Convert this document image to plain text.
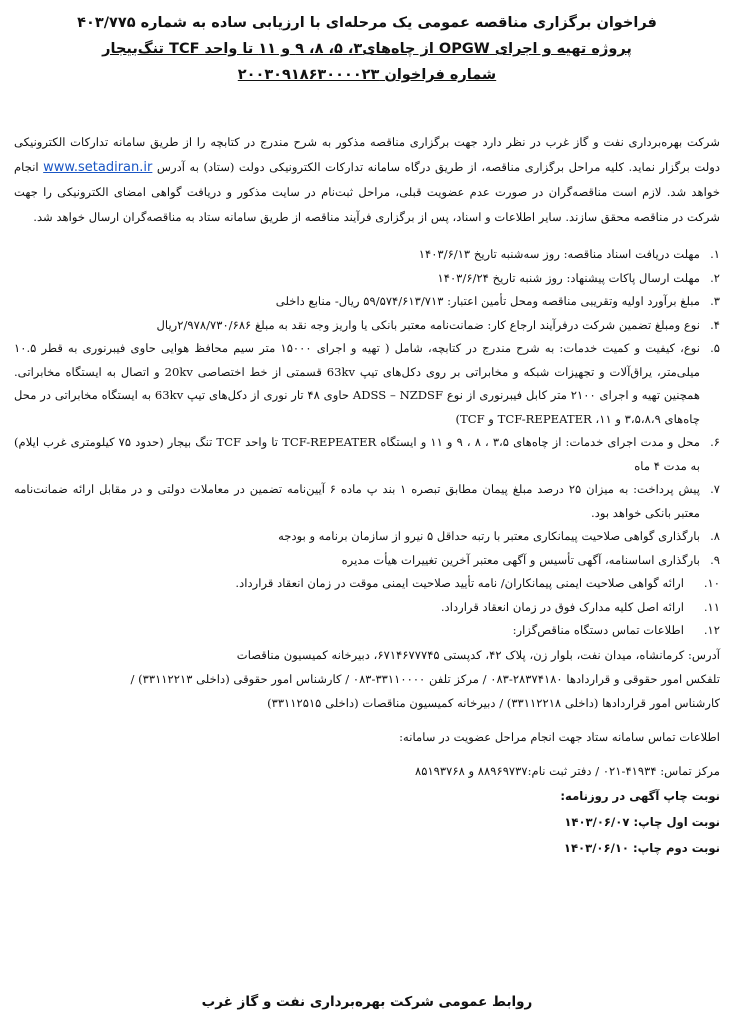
فراخوان برگزاری مناقصه عمومی یک مرحله‌ای با ارزیابی ساده به شماره ۴۰۳/۷۷۵
پروژه تهیه و اجرای OPGW از چاه‌های۳، ۵، ۸، ۹ و ۱۱ تا واحد TCF تنگ‌بیجار
شماره فراخوان ۲۰۰۳۰۹۱۸۶۳۰۰۰۰۲۳

شرکت بهره‌برداری نفت و گاز غرب در نظر دارد جهت برگزاری مناقصه مذکور به شرح مندرج در کتابچه را از طریق سامانه تدارکات الکترونیکی دولت برگزار نماید. کلیه مراحل برگزاری مناقصه، از طریق درگاه سامانه تدارکات الکترونیکی دولت (ستاد) به آدرس www.setadiran.ir انجام خواهد شد. لازم است مناقصه‌گران در صورت عدم عضویت قبلی، مراحل ثبت‌نام در سایت مذکور و دریافت گواهی امضای الکترونیکی را جهت شرکت در مناقصه محقق سازند. سایر اطلاعات و اسناد، پس از برگزاری فرآیند مناقصه از طریق سامانه ستاد به مناقصه‌گران ارسال خواهد شد.

۱.مهلت دریافت اسناد مناقصه: روز سه‌شنبه تاریخ ۱۴۰۳/۶/۱۳
۲.مهلت ارسال پاکات پیشنهاد: روز شنبه تاریخ ۱۴۰۳/۶/۲۴
۳.مبلغ برآورد اولیه وتقریبی مناقصه ومحل تأمین اعتبار: ۵۹/۵۷۴/۶۱۳/۷۱۳ ریال- منابع داخلی
۴.نوع ومبلغ تضمین شرکت درفرآیند ارجاع کار: ضمانت‌نامه معتبر بانکی یا واریز وجه نقد به مبلغ ۲/۹۷۸/۷۳۰/۶۸۶ریال
۵.نوع، کیفیت و کمیت خدمات: به شرح مندرج در کتابچه، شامل ( تهیه و اجرای ۱۵۰۰۰ متر سیم محافظ هوایی حاوی فیبرنوری به قطر ۱۰.۵ میلی‌متر، یراق‌آلات و تجهیزات شبکه و مخابراتی بر روی دکل‌های تیپ 63kv قسمتی از خط اختصاصی 20kv و اتصال به ایستگاه مخابراتی. همچنین تهیه و اجرای ۲۱۰۰ متر کابل فیبرنوری از نوع ADSS – NZDSF حاوی ۴۸ تار نوری از دکل‌های تیپ 63kv به ایستگاه مخابراتی در محل چاه‌های ۳،۵،۸،۹ و ۱۱، TCF-REPEATER و TCF)
۶.محل و مدت اجرای خدمات: از چاه‌های ۳،۵ ، ۸ ، ۹ و ۱۱ و ایستگاه TCF-REPEATER تا واحد TCF تنگ بیجار (حدود ۷۵ کیلومتری غرب ایلام) به مدت ۴ ماه
۷.پیش پرداخت: به میزان ۲۵ درصد مبلغ پیمان مطابق تبصره ۱ بند پ ماده ۶ آیین‌نامه تضمین در معاملات دولتی و در مقابل ارائه ضمانت‌نامه معتبر بانکی خواهد بود.
۸.بارگذاری گواهی صلاحیت پیمانکاری معتبر با رتبه حداقل ۵ نیرو از سازمان برنامه و بودجه
۹.بارگذاری اساسنامه، آگهی تأسیس و آگهی معتبر آخرین تغییرات هیأت مدیره
۱۰.ارائه گواهی صلاحیت ایمنی پیمانکاران/ نامه تأیید صلاحیت ایمنی موقت در زمان انعقاد قرارداد.
۱۱.ارائه اصل کلیه مدارک فوق در زمان انعقاد قرارداد.
۱۲.اطلاعات تماس دستگاه مناقص‌گزار:
آدرس: کرمانشاه، میدان نفت، بلوار زن، پلاک ۴۲، کدپستی ۶۷۱۴۶۷۷۷۴۵، دبیرخانه کمیسیون مناقصات
تلفکس امور حقوقی و قراردادها ۲۸۳۷۴۱۸۰-۰۸۳ / مرکز تلفن ۳۳۱۱۰۰۰۰-۰۸۳ / کارشناس امور حقوقی (داخلی ۳۳۱۱۲۲۱۳) /
کارشناس امور قراردادها (داخلی ۳۳۱۱۲۲۱۸) / دبیرخانه کمیسیون مناقصات (داخلی ۳۳۱۱۲۵۱۵)
اطلاعات تماس سامانه ستاد جهت انجام مراحل عضویت در سامانه:
مرکز تماس: ۴۱۹۳۴-۰۲۱ / دفتر ثبت نام:۸۸۹۶۹۷۳۷ و ۸۵۱۹۳۷۶۸
نوبت چاپ آگهی در روزنامه:
نوبت اول چاپ: ۱۴۰۳/۰۶/۰۷
نوبت دوم چاپ: ۱۴۰۳/۰۶/۱۰
روابط عمومی شرکت بهره‌برداری نفت و گاز غرب
